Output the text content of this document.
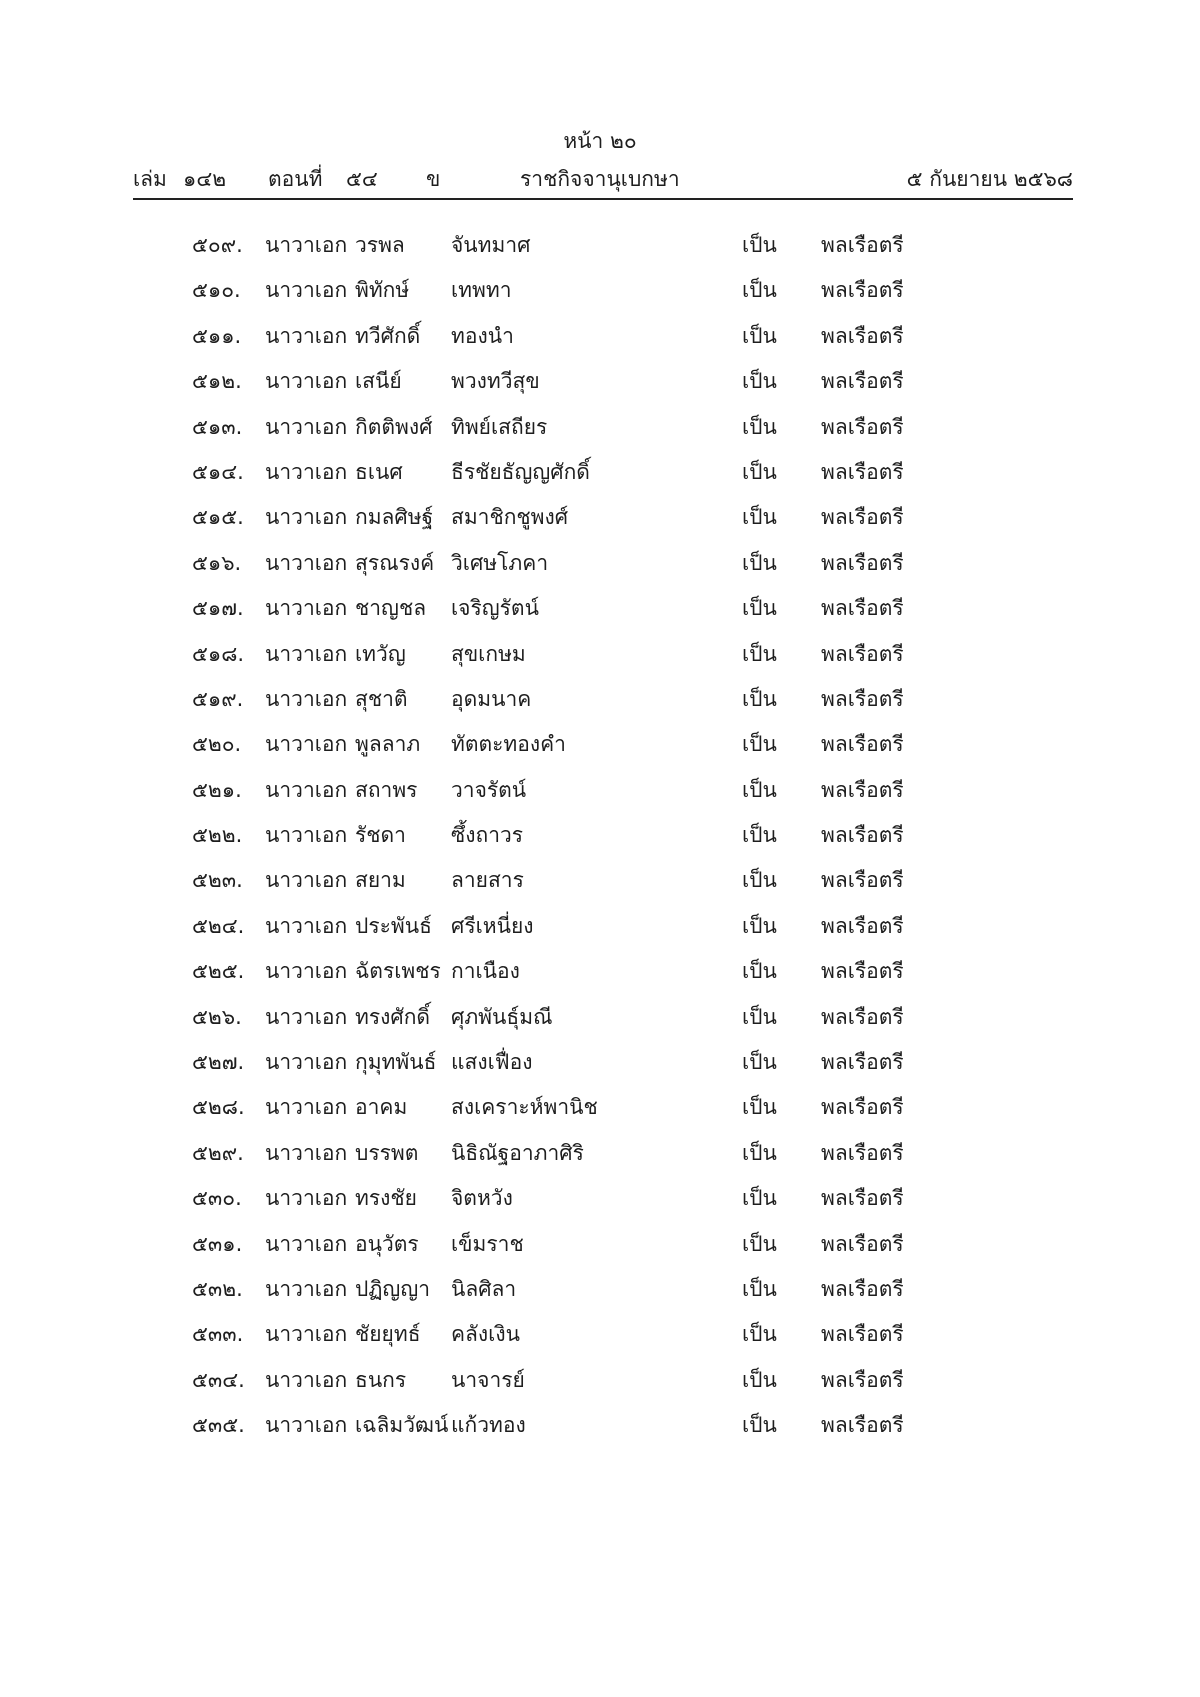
หน้า ๒๐
เล่ม ๑๔๒ ตอนที่ ๕๔ ข	ราชกิจจานุเบกษา	๕ กันยายน ๒๕๖๘
๕๐๙. นาวาเอก วรพล จันทมาศ	เป็น พลเรือตรี
๕๑๐. นาวาเอก พิทักษ์ เทพทา	เป็น พลเรือตรี
๕๑๑. นาวาเอก ทวีศักดิ์ ทองนำ	เป็น พลเรือตรี
๕๑๒. นาวาเอก เสนีย์ พวงทวีสุข	เป็น พลเรือตรี
๕๑๓. นาวาเอก กิตติพงศ์ ทิพย์เสถียร	เป็น พลเรือตรี
๕๑๔. นาวาเอก ธเนศ ธีรชัยธัญญศักดิ์	เป็น พลเรือตรี
๕๑๕. นาวาเอก กมลศิษฐ์ สมาชิกชูพงศ์	เป็น พลเรือตรี
๕๑๖. นาวาเอก สุรณรงค์ วิเศษโภคา	เป็น พลเรือตรี
๕๑๗. นาวาเอก ชาญชล เจริญรัตน์	เป็น พลเรือตรี
๕๑๘. นาวาเอก เทวัญ สุขเกษม	เป็น พลเรือตรี
๕๑๙. นาวาเอก สุชาติ อุดมนาค	เป็น พลเรือตรี
๕๒๐. นาวาเอก พูลลาภ ทัตตะทองคำ	เป็น พลเรือตรี
๕๒๑. นาวาเอก สถาพร วาจรัตน์	เป็น พลเรือตรี
๕๒๒. นาวาเอก รัชดา ซึ้งถาวร	เป็น พลเรือตรี
๕๒๓. นาวาเอก สยาม ลายสาร	เป็น พลเรือตรี
๕๒๔. นาวาเอก ประพันธ์ ศรีเหนี่ยง	เป็น พลเรือตรี
๕๒๕. นาวาเอก ฉัตรเพชร กาเนือง	เป็น พลเรือตรี
๕๒๖. นาวาเอก ทรงศักดิ์ ศุภพันธุ์มณี	เป็น พลเรือตรี
๕๒๗. นาวาเอก กุมุทพันธ์ แสงเฟื่อง	เป็น พลเรือตรี
๕๒๘. นาวาเอก อาคม สงเคราะห์พานิช	เป็น พลเรือตรี
๕๒๙. นาวาเอก บรรพต นิธิณัฐอาภาศิริ	เป็น พลเรือตรี
๕๓๐. นาวาเอก ทรงชัย จิตหวัง	เป็น พลเรือตรี
๕๓๑. นาวาเอก อนุวัตร เข็มราช	เป็น พลเรือตรี
๕๓๒. นาวาเอก ปฏิญญา นิลศิลา	เป็น พลเรือตรี
๕๓๓. นาวาเอก ชัยยุทธ์ คลังเงิน	เป็น พลเรือตรี
๕๓๔. นาวาเอก ธนกร นาจารย์	เป็น พลเรือตรี
๕๓๕. นาวาเอก เฉลิมวัฒน์ แก้วทอง	เป็น พลเรือตรี
